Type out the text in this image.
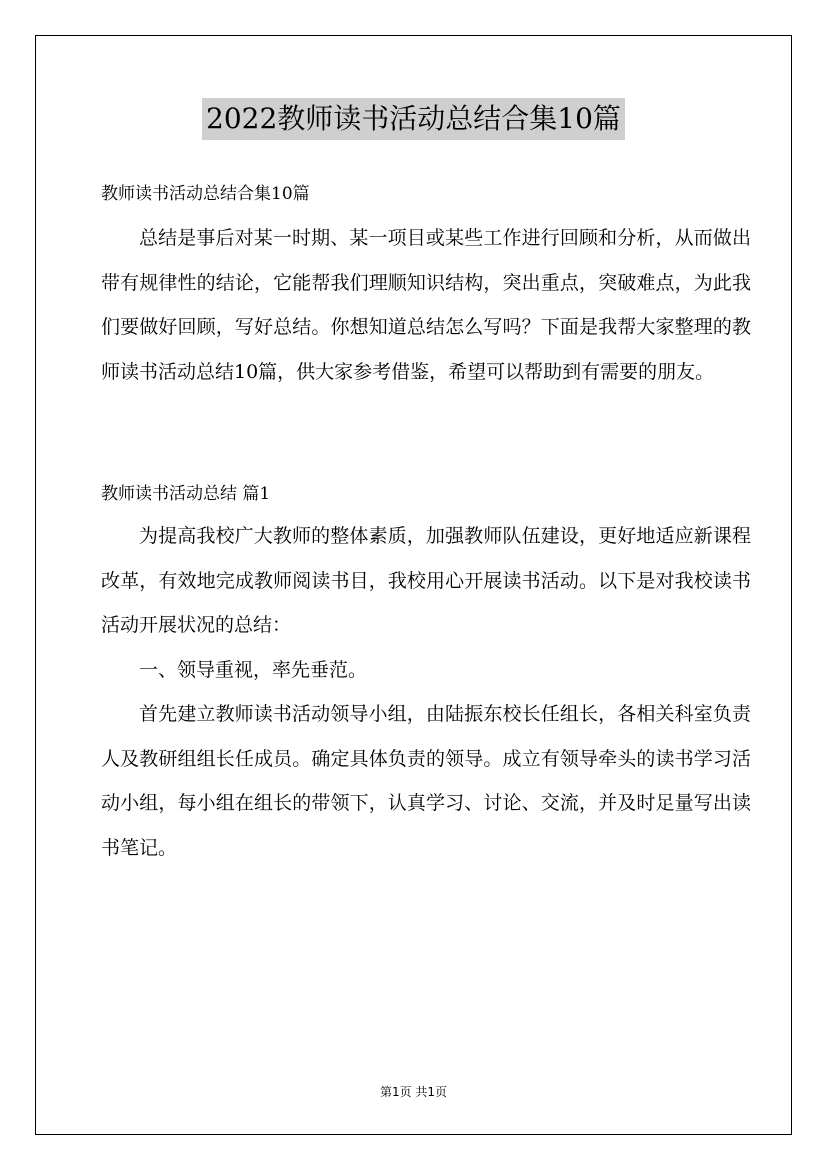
2022教师读书活动总结合集10篇
教师读书活动总结合集10篇

总结是事后对某一时期、某一项目或某些工作进行回顾和分析，从而做出带有规律性的结论，它能帮我们理顺知识结构，突出重点，突破难点，为此我们要做好回顾，写好总结。你想知道总结怎么写吗？下面是我帮大家整理的教师读书活动总结10篇，供大家参考借鉴，希望可以帮助到有需要的朋友。

教师读书活动总结 篇1

为提高我校广大教师的整体素质，加强教师队伍建设，更好地适应新课程改革，有效地完成教师阅读书目，我校用心开展读书活动。以下是对我校读书活动开展状况的总结：

一、领导重视，率先垂范。

首先建立教师读书活动领导小组，由陆振东校长任组长，各相关科室负责人及教研组组长任成员。确定具体负责的领导。成立有领导牵头的读书学习活动小组，每小组在组长的带领下，认真学习、讨论、交流，并及时足量写出读书笔记。

第1页 共1页
